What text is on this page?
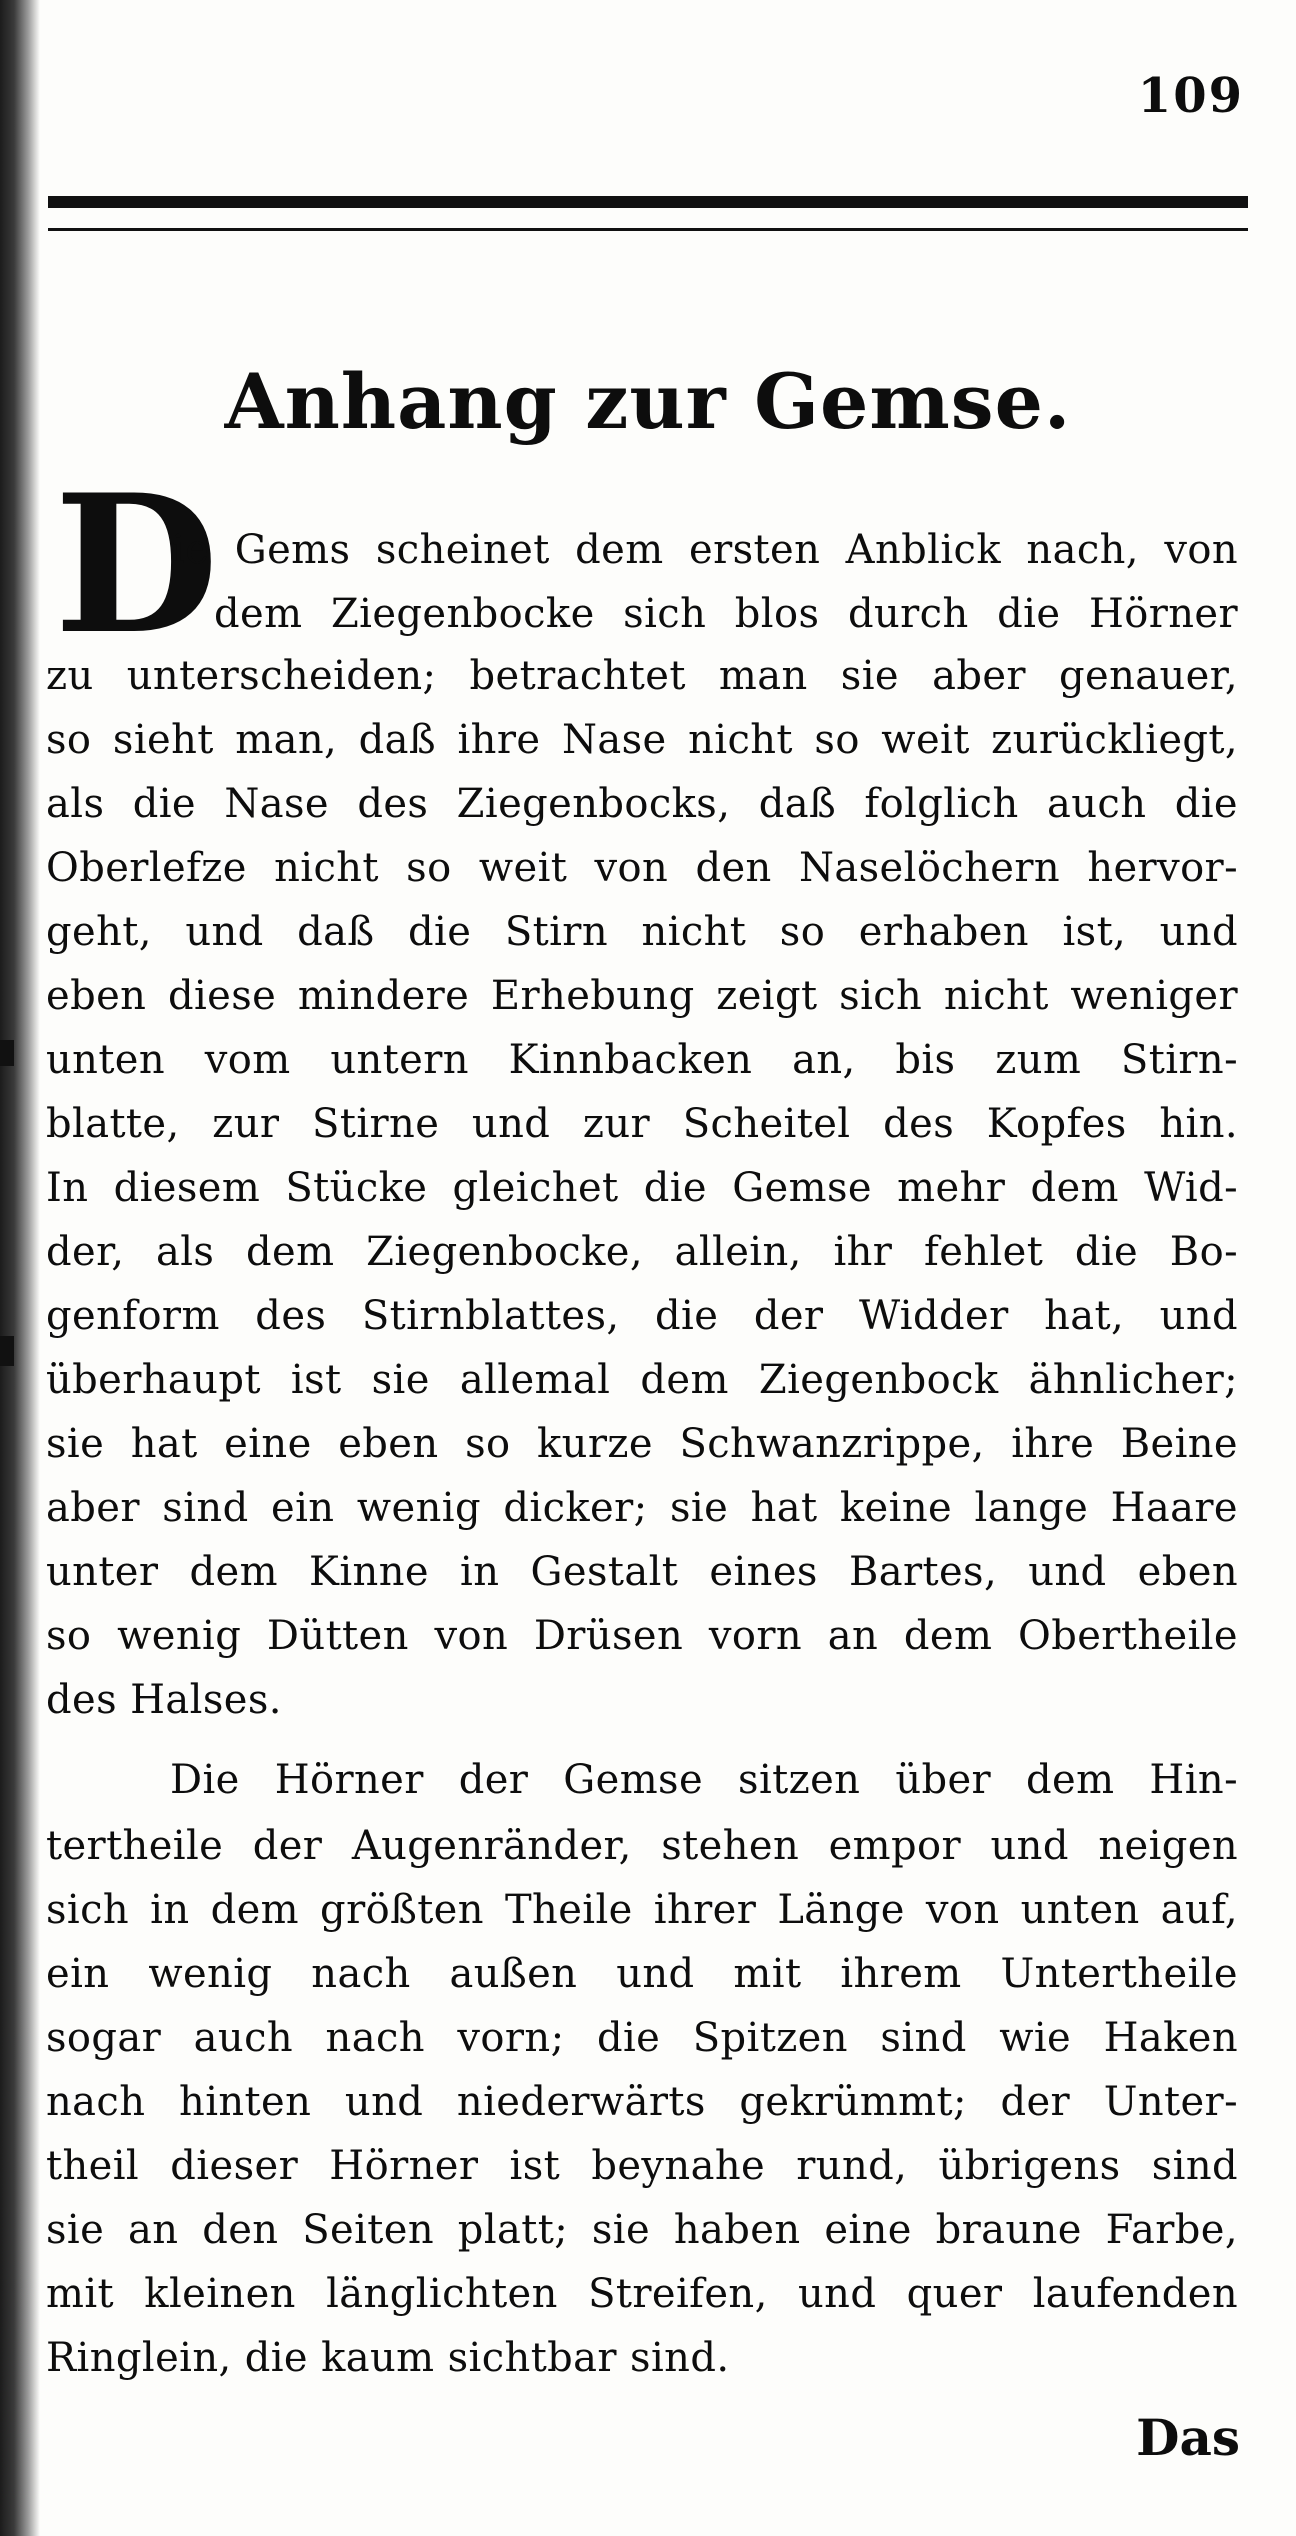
109
Anhang zur Gemse.
D
ie Gems scheinet dem ersten Anblick nach, von
dem Ziegenbocke sich blos durch die Hörner
zu unterscheiden; betrachtet man sie aber genauer,
so sieht man, daß ihre Nase nicht so weit zurückliegt,
als die Nase des Ziegenbocks, daß folglich auch die
Oberlefze nicht so weit von den Naselöchern hervor-
geht, und daß die Stirn nicht so erhaben ist, und
eben diese mindere Erhebung zeigt sich nicht weniger
unten vom untern Kinnbacken an, bis zum Stirn-
blatte, zur Stirne und zur Scheitel des Kopfes hin.
In diesem Stücke gleichet die Gemse mehr dem Wid-
der, als dem Ziegenbocke, allein, ihr fehlet die Bo-
genform des Stirnblattes, die der Widder hat, und
überhaupt ist sie allemal dem Ziegenbock ähnlicher;
sie hat eine eben so kurze Schwanzrippe, ihre Beine
aber sind ein wenig dicker; sie hat keine lange Haare
unter dem Kinne in Gestalt eines Bartes, und eben
so wenig Dütten von Drüsen vorn an dem Obertheile
des Halses.
Die Hörner der Gemse sitzen über dem Hin-
tertheile der Augenränder, stehen empor und neigen
sich in dem größten Theile ihrer Länge von unten auf,
ein wenig nach außen und mit ihrem Untertheile
sogar auch nach vorn; die Spitzen sind wie Haken
nach hinten und niederwärts gekrümmt; der Unter-
theil dieser Hörner ist beynahe rund, übrigens sind
sie an den Seiten platt; sie haben eine braune Farbe,
mit kleinen länglichten Streifen, und quer laufenden
Ringlein, die kaum sichtbar sind.
Das
